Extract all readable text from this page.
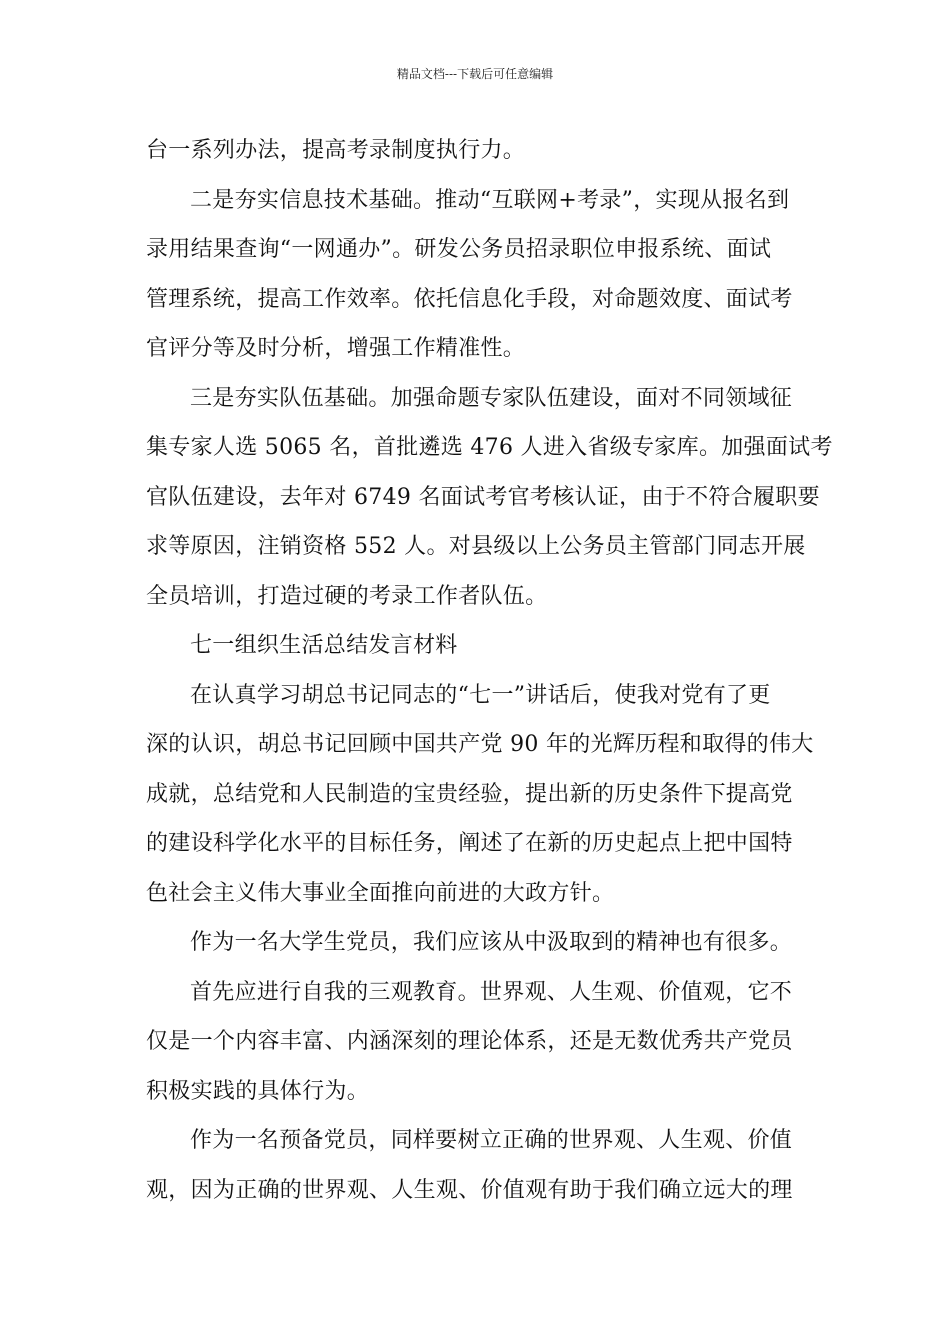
精品文档---下载后可任意编辑
台一系列办法，提高考录制度执行力。
二是夯实信息技术基础。推动“互联网+考录”，实现从报名到
录用结果查询“一网通办”。研发公务员招录职位申报系统、面试
管理系统，提高工作效率。依托信息化手段，对命题效度、面试考
官评分等及时分析，增强工作精准性。
三是夯实队伍基础。加强命题专家队伍建设，面对不同领域征
集专家人选 5065 名，首批遴选 476 人进入省级专家库。加强面试考
官队伍建设，去年对 6749 名面试考官考核认证，由于不符合履职要
求等原因，注销资格 552 人。对县级以上公务员主管部门同志开展
全员培训，打造过硬的考录工作者队伍。
七一组织生活总结发言材料
在认真学习胡总书记同志的“七一”讲话后，使我对党有了更
深的认识，胡总书记回顾中国共产党 90 年的光辉历程和取得的伟大
成就，总结党和人民制造的宝贵经验，提出新的历史条件下提高党
的建设科学化水平的目标任务，阐述了在新的历史起点上把中国特
色社会主义伟大事业全面推向前进的大政方针。
作为一名大学生党员，我们应该从中汲取到的精神也有很多。
首先应进行自我的三观教育。世界观、人生观、价值观，它不
仅是一个内容丰富、内涵深刻的理论体系，还是无数优秀共产党员
积极实践的具体行为。
作为一名预备党员，同样要树立正确的世界观、人生观、价值
观，因为正确的世界观、人生观、价值观有助于我们确立远大的理
